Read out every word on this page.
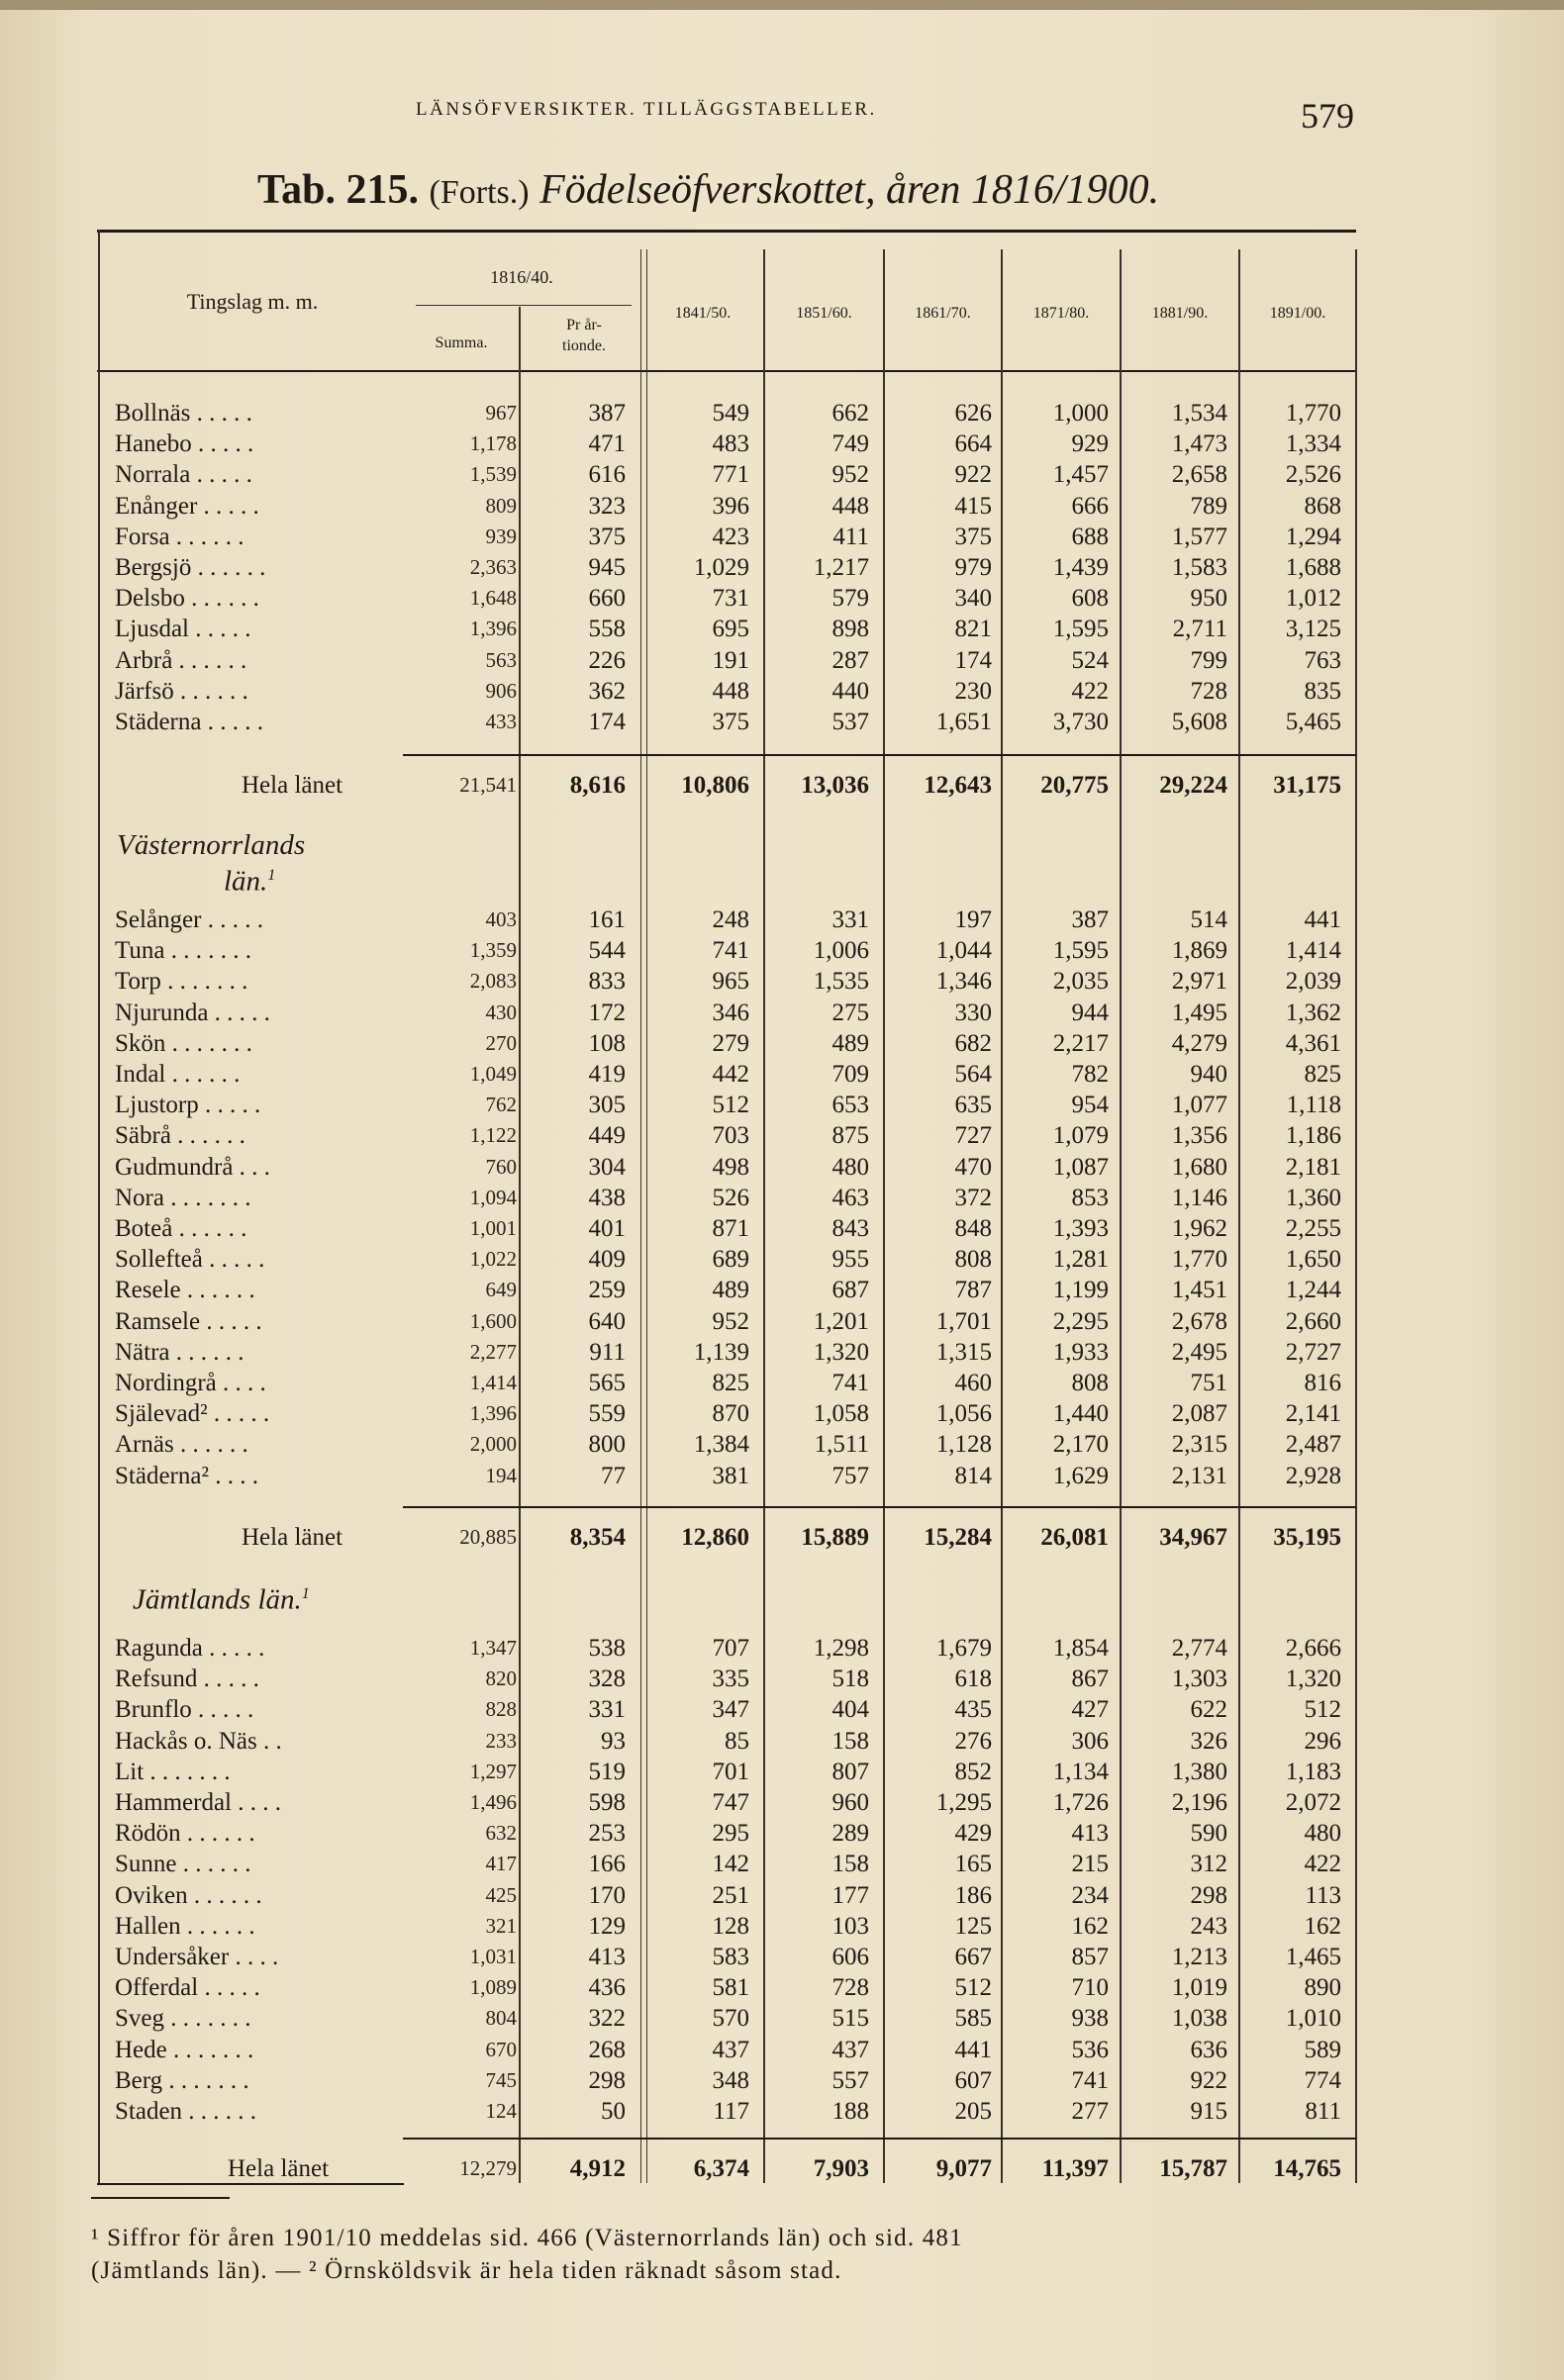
LÄNSÖFVERSIKTER. TILLÄGGSTABELLER.	579
Tab. 215. (Forts.) Födelseöfverskottet, åren 1816/1900.
Tingslag m. m.
1816/40.
Summa.
Pr år-
tionde.
1841/50.	1851/60.	1861/70.	1871/80.	1881/90.	1891/00.
Bollnäs . . . . .	967	387	549	662	626	1,000	1,534	1,770
Hanebo . . . . .	1,178	471	483	749	664	929	1,473	1,334
Norrala . . . . .	1,539	616	771	952	922	1,457	2,658	2,526
Enånger . . . . .	809	323	396	448	415	666	789	868
Forsa . . . . . .	939	375	423	411	375	688	1,577	1,294
Bergsjö . . . . . .	2,363	945	1,029	1,217	979	1,439	1,583	1,688
Delsbo . . . . . .	1,648	660	731	579	340	608	950	1,012
Ljusdal . . . . .	1,396	558	695	898	821	1,595	2,711	3,125
Arbrå . . . . . .	563	226	191	287	174	524	799	763
Järfsö . . . . . .	906	362	448	440	230	422	728	835
Städerna . . . . .	433	174	375	537	1,651	3,730	5,608	5,465
Hela länet	21,541	8,616	10,806	13,036	12,643	20,775	29,224	31,175
Västernorrlands
län.$^1$
Selånger . . . . .	403	161	248	331	197	387	514	441
Tuna . . . . . . .	1,359	544	741	1,006	1,044	1,595	1,869	1,414
Torp . . . . . . .	2,083	833	965	1,535	1,346	2,035	2,971	2,039
Njurunda . . . . .	430	172	346	275	330	944	1,495	1,362
Skön . . . . . . .	270	108	279	489	682	2,217	4,279	4,361
Indal . . . . . .	1,049	419	442	709	564	782	940	825
Ljustorp . . . . .	762	305	512	653	635	954	1,077	1,118
Säbrå . . . . . .	1,122	449	703	875	727	1,079	1,356	1,186
Gudmundrå . . .	760	304	498	480	470	1,087	1,680	2,181
Nora . . . . . . .	1,094	438	526	463	372	853	1,146	1,360
Boteå . . . . . .	1,001	401	871	843	848	1,393	1,962	2,255
Sollefteå . . . . .	1,022	409	689	955	808	1,281	1,770	1,650
Resele . . . . . .	649	259	489	687	787	1,199	1,451	1,244
Ramsele . . . . .	1,600	640	952	1,201	1,701	2,295	2,678	2,660
Nätra . . . . . .	2,277	911	1,139	1,320	1,315	1,933	2,495	2,727
Nordingrå . . . .	1,414	565	825	741	460	808	751	816
Själevad² . . . . .	1,396	559	870	1,058	1,056	1,440	2,087	2,141
Arnäs . . . . . .	2,000	800	1,384	1,511	1,128	2,170	2,315	2,487
Städerna² . . . .	194	77	381	757	814	1,629	2,131	2,928
Hela länet	20,885	8,354	12,860	15,889	15,284	26,081	34,967	35,195
Jämtlands län.$^1$
Ragunda . . . . .	1,347	538	707	1,298	1,679	1,854	2,774	2,666
Refsund . . . . .	820	328	335	518	618	867	1,303	1,320
Brunflo . . . . .	828	331	347	404	435	427	622	512
Hackås o. Näs . .	233	93	85	158	276	306	326	296
Lit . . . . . . .	1,297	519	701	807	852	1,134	1,380	1,183
Hammerdal . . . .	1,496	598	747	960	1,295	1,726	2,196	2,072
Rödön . . . . . .	632	253	295	289	429	413	590	480
Sunne . . . . . .	417	166	142	158	165	215	312	422
Oviken . . . . . .	425	170	251	177	186	234	298	113
Hallen . . . . . .	321	129	128	103	125	162	243	162
Undersåker . . . .	1,031	413	583	606	667	857	1,213	1,465
Offerdal . . . . .	1,089	436	581	728	512	710	1,019	890
Sveg . . . . . . .	804	322	570	515	585	938	1,038	1,010
Hede . . . . . . .	670	268	437	437	441	536	636	589
Berg . . . . . . .	745	298	348	557	607	741	922	774
Staden . . . . . .	124	50	117	188	205	277	915	811
Hela länet	12,279	4,912	6,374	7,903	9,077	11,397	15,787	14,765
¹ Siffror för åren 1901/10 meddelas sid. 466 (Västernorrlands län) och sid. 481
(Jämtlands län). — ² Örnsköldsvik är hela tiden räknadt såsom stad.
